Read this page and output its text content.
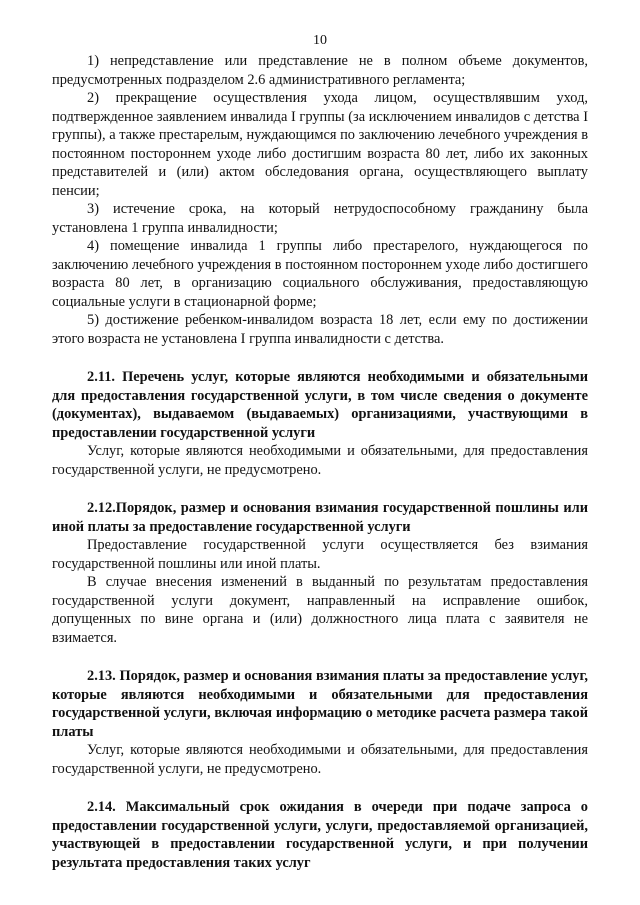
10

1) непредставление или представление не в полном объеме документов, предусмотренных подразделом 2.6 административного регламента;

2) прекращение осуществления ухода лицом, осуществлявшим уход, подтвержденное заявлением инвалида I группы (за исключением инвалидов с детства I группы), а также престарелым, нуждающимся по заключению лечебного учреждения в постоянном постороннем уходе либо достигшим возраста 80 лет, либо их законных представителей и (или) актом обследования органа, осуществляющего выплату пенсии;

3) истечение срока, на который нетрудоспособному гражданину была установлена 1 группа инвалидности;

4) помещение инвалида 1 группы либо престарелого, нуждающегося по заключению лечебного учреждения в постоянном постороннем уходе либо достигшего возраста 80 лет, в организацию социального обслуживания, предоставляющую социальные услуги в стационарной форме;

5) достижение ребенком-инвалидом возраста 18 лет, если ему по достижении этого возраста не установлена I группа инвалидности с детства.

2.11. Перечень услуг, которые являются необходимыми и обязательными для предоставления государственной услуги, в том числе сведения о документе (документах), выдаваемом (выдаваемых) организациями, участвующими в предоставлении государственной услуги

Услуг, которые являются необходимыми и обязательными, для предоставления государственной услуги, не предусмотрено.

2.12.Порядок, размер и основания взимания государственной пошлины или иной платы за предоставление государственной услуги

Предоставление государственной услуги осуществляется без взимания государственной пошлины или иной платы.

В случае внесения изменений в выданный по результатам предоставления государственной услуги документ, направленный на исправление ошибок, допущенных по вине органа и (или) должностного лица плата с заявителя не взимается.

2.13. Порядок, размер и основания взимания платы за предоставление услуг, которые являются необходимыми и обязательными для предоставления государственной услуги, включая информацию о методике расчета размера такой платы

Услуг, которые являются необходимыми и обязательными, для предоставления государственной услуги, не предусмотрено.

2.14. Максимальный срок ожидания в очереди при подаче запроса о предоставлении государственной услуги, услуги, предоставляемой организацией, участвующей в предоставлении государственной услуги, и при получении результата предоставления таких услуг
